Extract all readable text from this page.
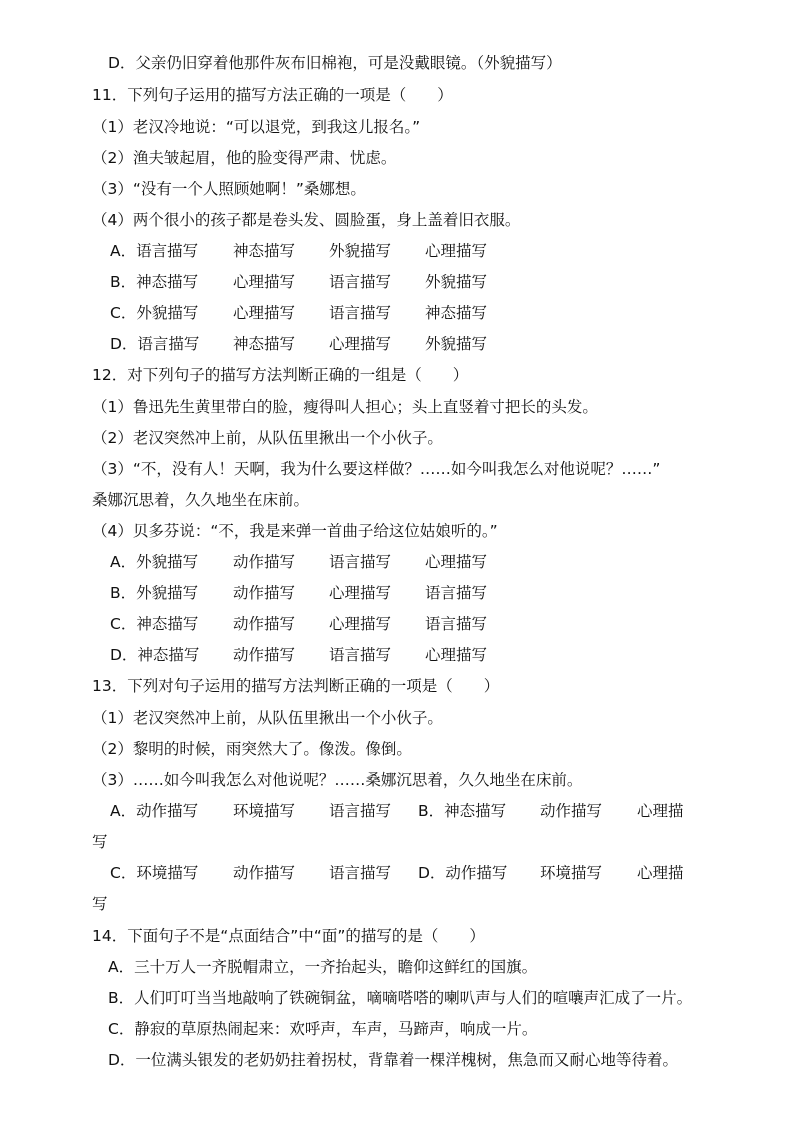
D．父亲仍旧穿着他那件灰布旧棉袍，可是没戴眼镜。（外貌描写）
11．下列句子运用的描写方法正确的一项是（　　）
（1）老汉冷地说：“可以退党，到我这儿报名。”
（2）渔夫皱起眉，他的脸变得严肃、忧虑。
（3）“没有一个人照顾她啊！”桑娜想。
（4）两个很小的孩子都是卷头发、圆脸蛋，身上盖着旧衣服。
A．语言描写 神态描写 外貌描写 心理描写
B．神态描写 心理描写 语言描写 外貌描写
C．外貌描写 心理描写 语言描写 神态描写
D．语言描写 神态描写 心理描写 外貌描写
12．对下列句子的描写方法判断正确的一组是（　　）
（1）鲁迅先生黄里带白的脸，瘦得叫人担心；头上直竖着寸把长的头发。
（2）老汉突然冲上前，从队伍里揪出一个小伙子。
（3）“不，没有人！天啊，我为什么要这样做？……如今叫我怎么对他说呢？……”
桑娜沉思着，久久地坐在床前。
（4）贝多芬说：“不，我是来弹一首曲子给这位姑娘听的。”
A．外貌描写 动作描写 语言描写 心理描写
B．外貌描写 动作描写 心理描写 语言描写
C．神态描写 动作描写 心理描写 语言描写
D．神态描写 动作描写 语言描写 心理描写
13．下列对句子运用的描写方法判断正确的一项是（　　）
（1）老汉突然冲上前，从队伍里揪出一个小伙子。
（2）黎明的时候，雨突然大了。像泼。像倒。
（3）……如今叫我怎么对他说呢？……桑娜沉思着，久久地坐在床前。
A．动作描写 环境描写 语言描写 B．神态描写 动作描写 心理描
写
C．环境描写 动作描写 语言描写 D．动作描写 环境描写 心理描
写
14．下面句子不是“点面结合”中“面”的描写的是（　　）
A．三十万人一齐脱帽肃立，一齐抬起头，瞻仰这鲜红的国旗。
B．人们叮叮当当地敲响了铁碗铜盆，嘀嘀嗒嗒的喇叭声与人们的喧嚷声汇成了一片。
C．静寂的草原热闹起来：欢呼声，车声，马蹄声，响成一片。
D．一位满头银发的老奶奶拄着拐杖，背靠着一棵洋槐树，焦急而又耐心地等待着。
